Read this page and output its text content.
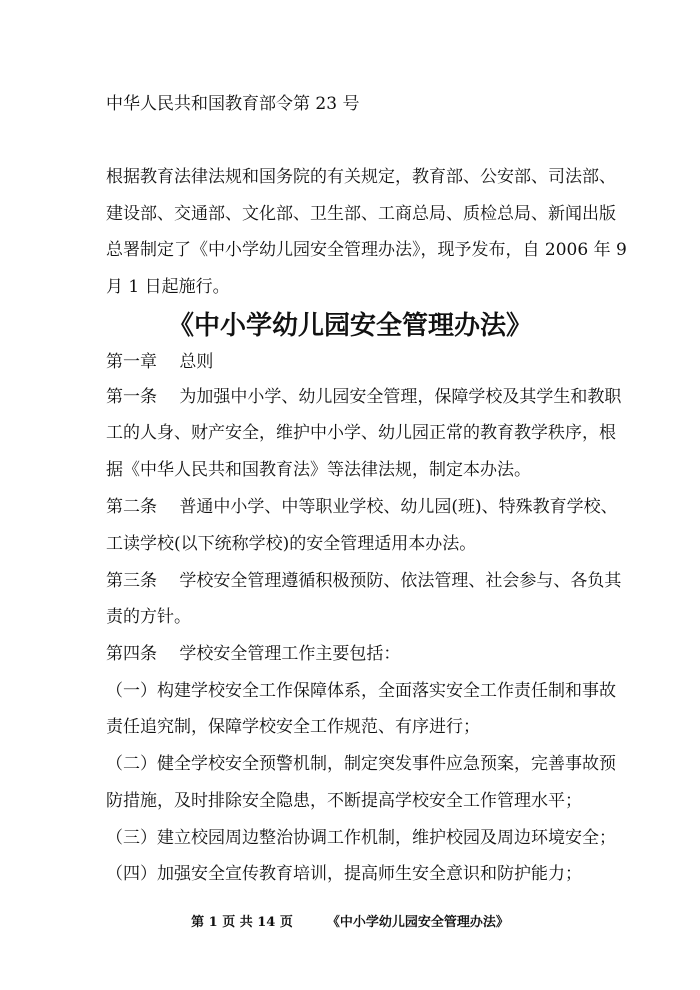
中华人民共和国教育部令第 23 号
根据教育法律法规和国务院的有关规定，教育部、公安部、司法部、
建设部、交通部、文化部、卫生部、工商总局、质检总局、新闻出版
总署制定了《中小学幼儿园安全管理办法》，现予发布，自 2006 年 9
月 1 日起施行。
《中小学幼儿园安全管理办法》
第一章　 总则
第一条　 为加强中小学、幼儿园安全管理，保障学校及其学生和教职
工的人身、财产安全，维护中小学、幼儿园正常的教育教学秩序，根
据《中华人民共和国教育法》等法律法规，制定本办法。
第二条　 普通中小学、中等职业学校、幼儿园(班)、特殊教育学校、
工读学校(以下统称学校)的安全管理适用本办法。
第三条　 学校安全管理遵循积极预防、依法管理、社会参与、各负其
责的方针。
第四条　 学校安全管理工作主要包括：
（一）构建学校安全工作保障体系，全面落实安全工作责任制和事故
责任追究制，保障学校安全工作规范、有序进行；
（二）健全学校安全预警机制，制定突发事件应急预案，完善事故预
防措施，及时排除安全隐患，不断提高学校安全工作管理水平；
（三）建立校园周边整治协调工作机制，维护校园及周边环境安全；
（四）加强安全宣传教育培训，提高师生安全意识和防护能力；
第 1 页 共 14 页	《中小学幼儿园安全管理办法》
